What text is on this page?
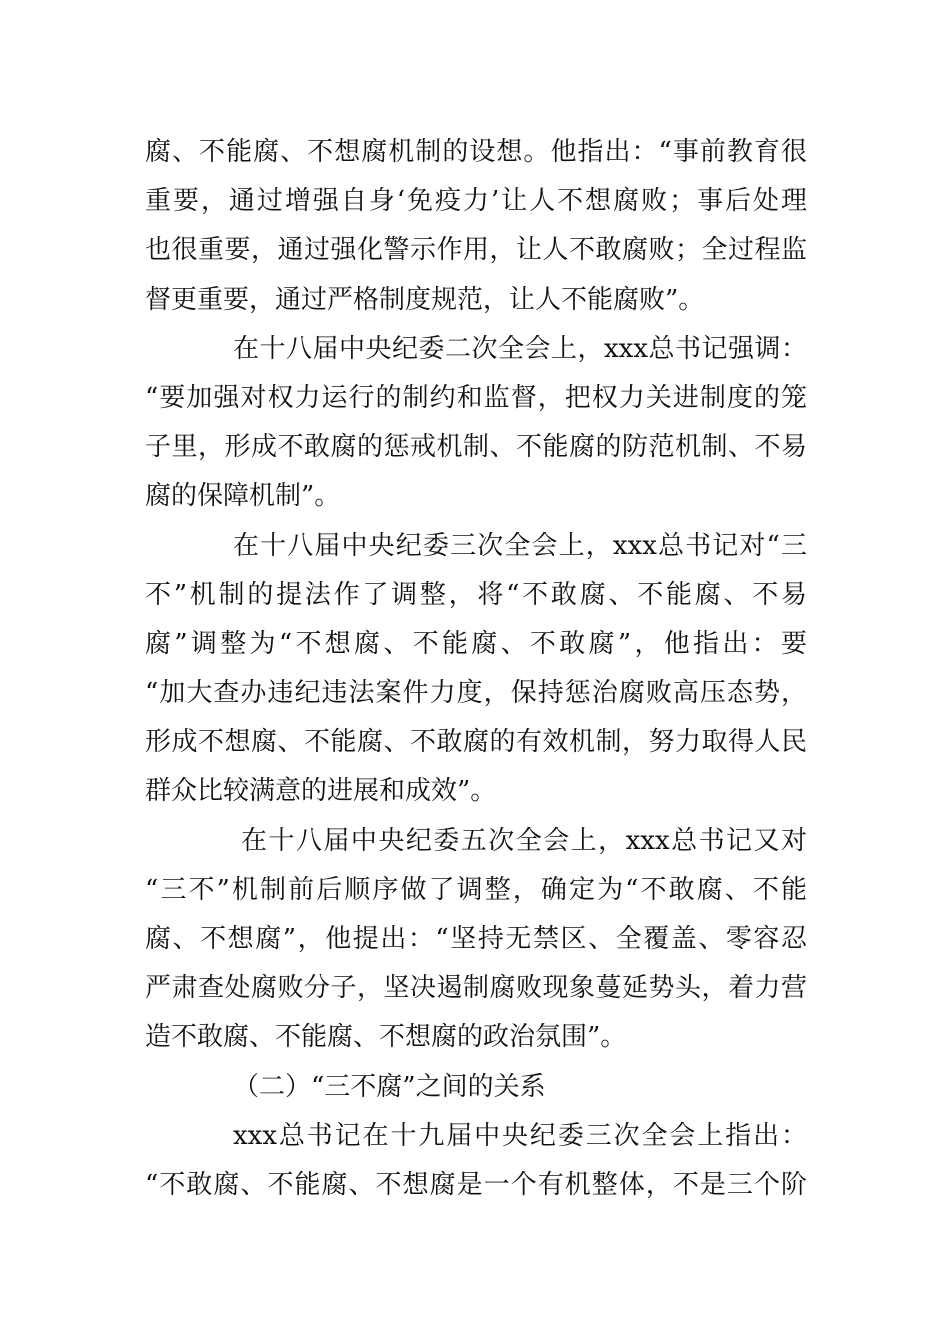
腐、不能腐、不想腐机制的设想。他指出：“事前教育很
重要，通过增强自身‘免疫力’让人不想腐败；事后处理
也很重要，通过强化警示作用，让人不敢腐败；全过程监
督更重要，通过严格制度规范，让人不能腐败”。
在十八届中央纪委二次全会上，xxx总书记强调：
“要加强对权力运行的制约和监督，把权力关进制度的笼
子里，形成不敢腐的惩戒机制、不能腐的防范机制、不易
腐的保障机制”。
在十八届中央纪委三次全会上，xxx总书记对“三
不”机制的提法作了调整，将“不敢腐、不能腐、不易
腐”调整为“不想腐、不能腐、不敢腐”，他指出：要
“加大查办违纪违法案件力度，保持惩治腐败高压态势，
形成不想腐、不能腐、不敢腐的有效机制，努力取得人民
群众比较满意的进展和成效”。
在十八届中央纪委五次全会上，xxx总书记又对
“三不”机制前后顺序做了调整，确定为“不敢腐、不能
腐、不想腐”，他提出：“坚持无禁区、全覆盖、零容忍
严肃查处腐败分子，坚决遏制腐败现象蔓延势头，着力营
造不敢腐、不能腐、不想腐的政治氛围”。
（二）“三不腐”之间的关系
xxx总书记在十九届中央纪委三次全会上指出：
“不敢腐、不能腐、不想腐是一个有机整体，不是三个阶
